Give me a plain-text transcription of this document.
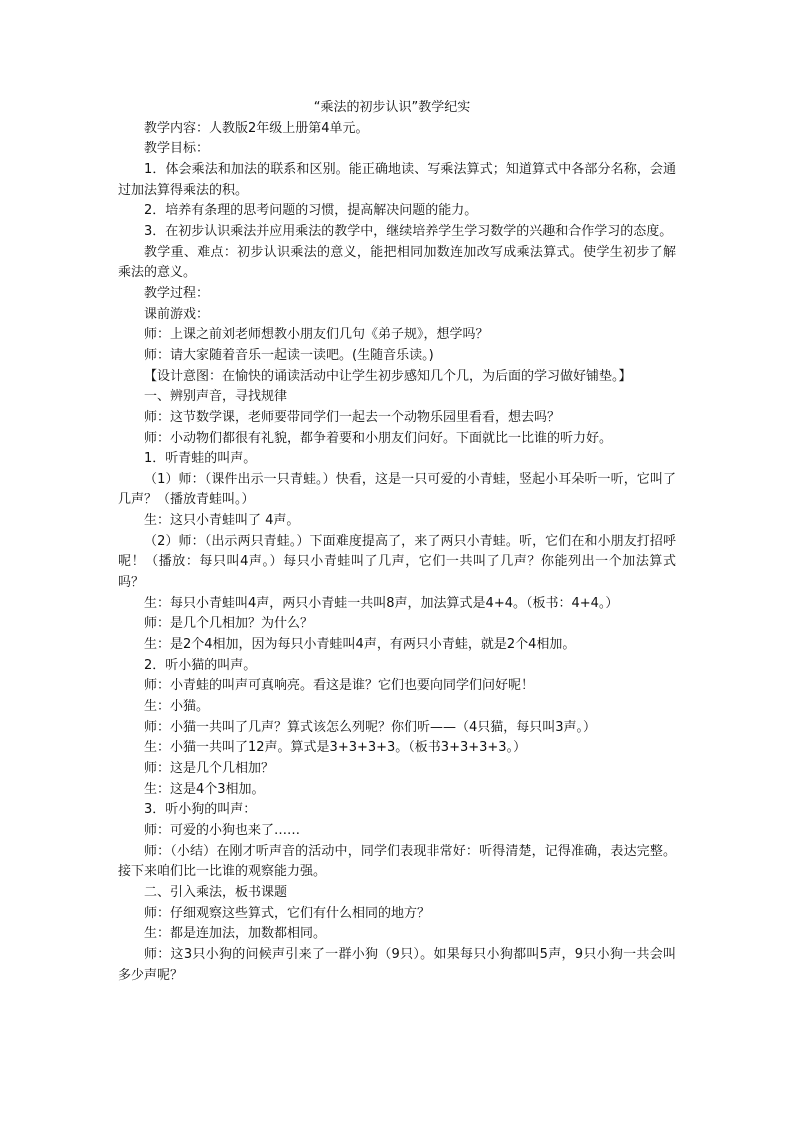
“乘法的初步认识”教学纪实
教学内容：人教版2年级上册第4单元。
教学目标：
1．体会乘法和加法的联系和区别。能正确地读、写乘法算式；知道算式中各部分名称，会通过加法算得乘法的积。
2．培养有条理的思考问题的习惯，提高解决问题的能力。
3．在初步认识乘法并应用乘法的教学中，继续培养学生学习数学的兴趣和合作学习的态度。
教学重、难点：初步认识乘法的意义，能把相同加数连加改写成乘法算式。使学生初步了解乘法的意义。
教学过程：
课前游戏：
师：上课之前刘老师想教小朋友们几句《弟子规》，想学吗？
师：请大家随着音乐一起读一读吧。(生随音乐读。)
【设计意图：在愉快的诵读活动中让学生初步感知几个几，为后面的学习做好铺垫。】
一、辨别声音，寻找规律
师：这节数学课，老师要带同学们一起去一个动物乐园里看看，想去吗？
师：小动物们都很有礼貌，都争着要和小朋友们问好。下面就比一比谁的听力好。
1．听青蛙的叫声。
（1）师：（课件出示一只青蛙。）快看，这是一只可爱的小青蛙，竖起小耳朵听一听，它叫了几声？（播放青蛙叫。）
生：这只小青蛙叫了 4声。
（2）师：（出示两只青蛙。）下面难度提高了，来了两只小青蛙。听，它们在和小朋友打招呼呢！（播放：每只叫4声。）每只小青蛙叫了几声，它们一共叫了几声？你能列出一个加法算式吗？
生：每只小青蛙叫4声，两只小青蛙一共叫8声，加法算式是4+4。（板书：4+4。）
师：是几个几相加？为什么？
生：是2个4相加，因为每只小青蛙叫4声，有两只小青蛙，就是2个4相加。
2．听小猫的叫声。
师：小青蛙的叫声可真响亮。看这是谁？它们也要向同学们问好呢！
生：小猫。
师：小猫一共叫了几声？算式该怎么列呢？你们听——（4只猫，每只叫3声。）
生：小猫一共叫了12声。算式是3+3+3+3。（板书3+3+3+3。）
师：这是几个几相加？
生：这是4个3相加。
3．听小狗的叫声：
师：可爱的小狗也来了……
师：（小结）在刚才听声音的活动中，同学们表现非常好：听得清楚，记得准确，表达完整。接下来咱们比一比谁的观察能力强。
二、引入乘法，板书课题
师：仔细观察这些算式，它们有什么相同的地方？
生：都是连加法，加数都相同。
师：这3只小狗的问候声引来了一群小狗（9只）。如果每只小狗都叫5声，9只小狗一共会叫多少声呢？
